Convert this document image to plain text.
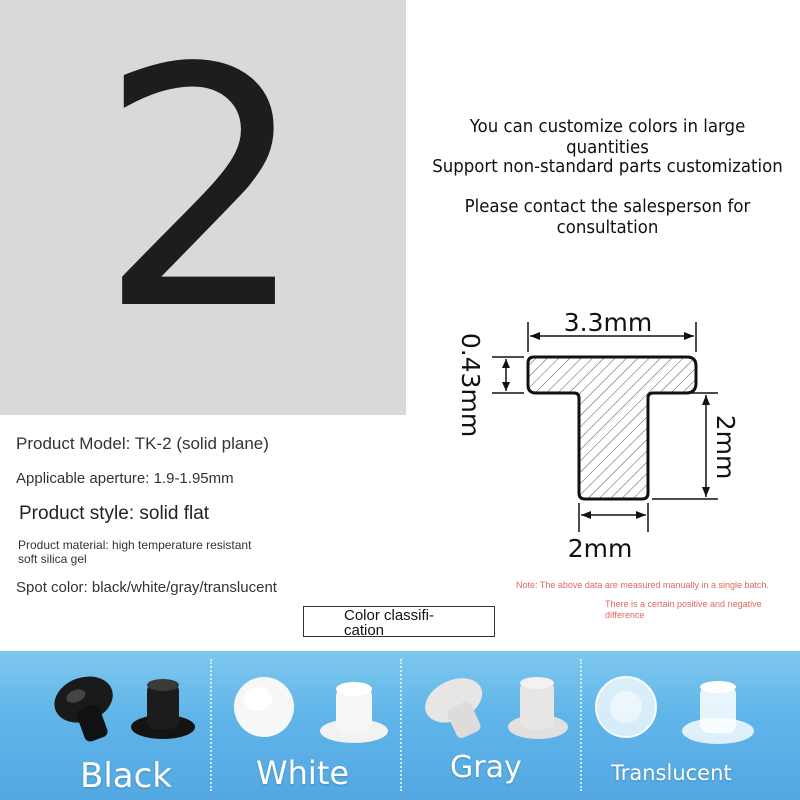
2	You can customize colors in large quantities
Support non-standard parts customization
Please contact the salesperson for consultation
3.3mm
0.43mm
2mm
2mm
Product Model: TK-2 (solid plane)
Applicable aperture: 1.9-1.95mm
Product style: solid flat
Product material: high temperature resistant
soft silica gel
Spot color: black/white/gray/translucent	Note: The above data are measured manually in a single batch.
There is a certain positive and negative difference
Color classifi-cation
Black	White	Gray	Translucent
